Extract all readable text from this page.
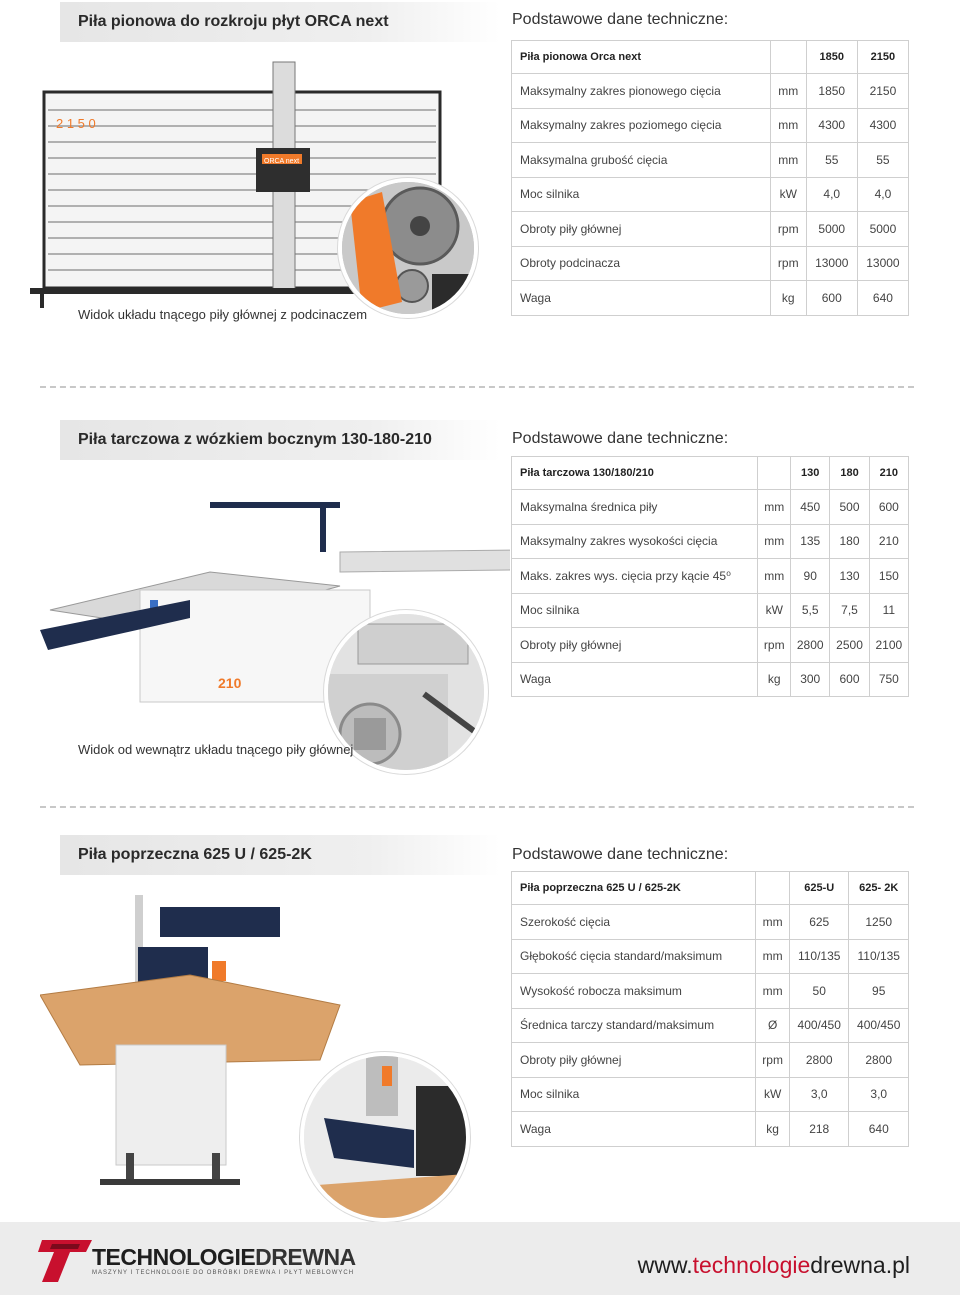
Piła pionowa do rozkroju płyt ORCA next	Podstawowe dane techniczne:
Piła pionowa Orca next		1850	2150
Maksymalny zakres pionowego cięcia	mm	1850	2150
Maksymalny zakres poziomego cięcia	mm	4300	4300
Maksymalna grubość cięcia	mm	55	55
Moc silnika	kW	4,0	4,0
Obroty piły głównej	rpm	5000	5000
Obroty podcinacza	rpm	13000	13000
Waga	kg	600	640
ORCA next
2 1 5 0
Widok układu tnącego piły głównej z podcinaczem
Piła tarczowa z wózkiem bocznym 130-180-210	Podstawowe dane techniczne:
Piła tarczowa 130/180/210		130	180	210
Maksymalna średnica piły	mm	450	500	600
Maksymalny zakres wysokości cięcia	mm	135	180	210
Maks. zakres wys. cięcia przy kącie 45⁰	mm	90	130	150
Moc silnika	kW	5,5	7,5	11
Obroty piły głównej	rpm	2800	2500	2100
Waga	kg	300	600	750
210
Widok od wewnątrz układu tnącego piły głównej
Piła poprzeczna 625 U / 625-2K	Podstawowe dane techniczne:
Piła poprzeczna 625 U / 625-2K		625-U	625- 2K
Szerokość cięcia	mm	625	1250
Głębokość cięcia standard/maksimum	mm	110/135	110/135
Wysokość robocza maksimum	mm	50	95
Średnica tarczy standard/maksimum	Ø	400/450	400/450
Obroty piły głównej	rpm	2800	2800
Moc silnika	kW	3,0	3,0
Waga	kg	218	640
TECHNOLOGIEDREWNA
MASZYNY I TECHNOLOGIE DO OBRÓBKI DREWNA I PŁYT MEBLOWYCH	www.technologiedrewna.pl
